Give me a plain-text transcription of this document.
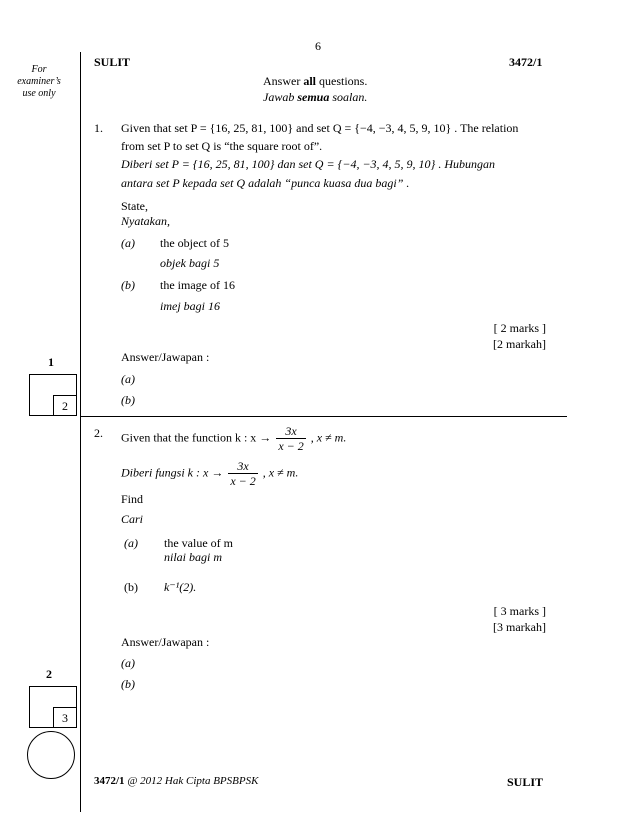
6
SULIT	3472/1
For
examiner’s
use only
Answer all questions.
Jawab semua soalan.
1. Given that set P = {16, 25, 81, 100} and set Q = {−4, −3, 4, 5, 9, 10} . The relation
from set P to set Q is “the square root of”.
Diberi set P = {16, 25, 81, 100} dan set Q = {−4, −3, 4, 5, 9, 10} . Hubungan
antara set P kepada set Q adalah “punca kuasa dua bagi” .
State,
Nyatakan,
(a) the object of 5
objek bagi 5
(b) the image of 16
imej bagi 16
[ 2 marks ]
[2 markah]
Answer/Jawapan :
(a)
(b)
1
2
2. Given that the function k : $x \to \frac{3x}{x - 2}$ , x ≠ m.
Diberi fungsi k : $x \to \frac{3x}{x - 2}$ , x ≠ m.
Find
Cari
(a) the value of m
nilai bagi m
(b) k⁻¹(2).
[ 3 marks ]
[3 markah]
Answer/Jawapan :
(a)
(b)
2
3
3472/1 @ 2012 Hak Cipta BPSBPSK	SULIT
